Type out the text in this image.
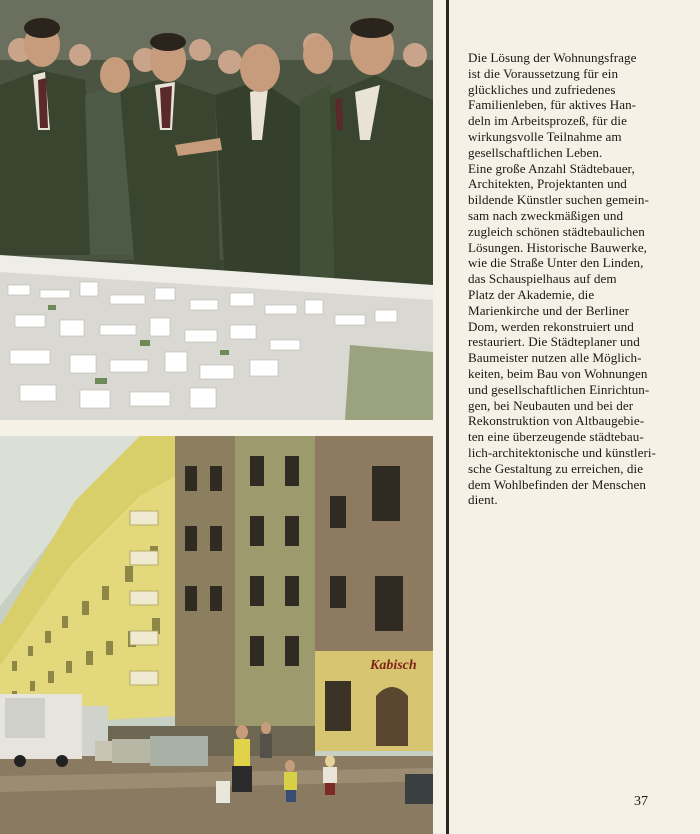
Kabisch

Die Lösung der Wohnungsfrage
ist die Voraussetzung für ein
glückliches und zufriedenes
Familienleben, für aktives Han-
deln im Arbeitsprozeß, für die
wirkungsvolle Teilnahme am
gesellschaftlichen Leben.
Eine große Anzahl Städtebauer,
Architekten, Projektanten und
bildende Künstler suchen gemein-
sam nach zweckmäßigen und
zugleich schönen städtebaulichen
Lösungen. Historische Bauwerke,
wie die Straße Unter den Linden,
das Schauspielhaus auf dem
Platz der Akademie, die
Marienkirche und der Berliner
Dom, werden rekonstruiert und
restauriert. Die Städteplaner und
Baumeister nutzen alle Möglich-
keiten, beim Bau von Wohnungen
und gesellschaftlichen Einrichtun-
gen, bei Neubauten und bei der
Rekonstruktion von Altbaugebie-
ten eine überzeugende städtebau-
lich-architektonische und künstleri-
sche Gestaltung zu erreichen, die
dem Wohlbefinden der Menschen
dient.

37
